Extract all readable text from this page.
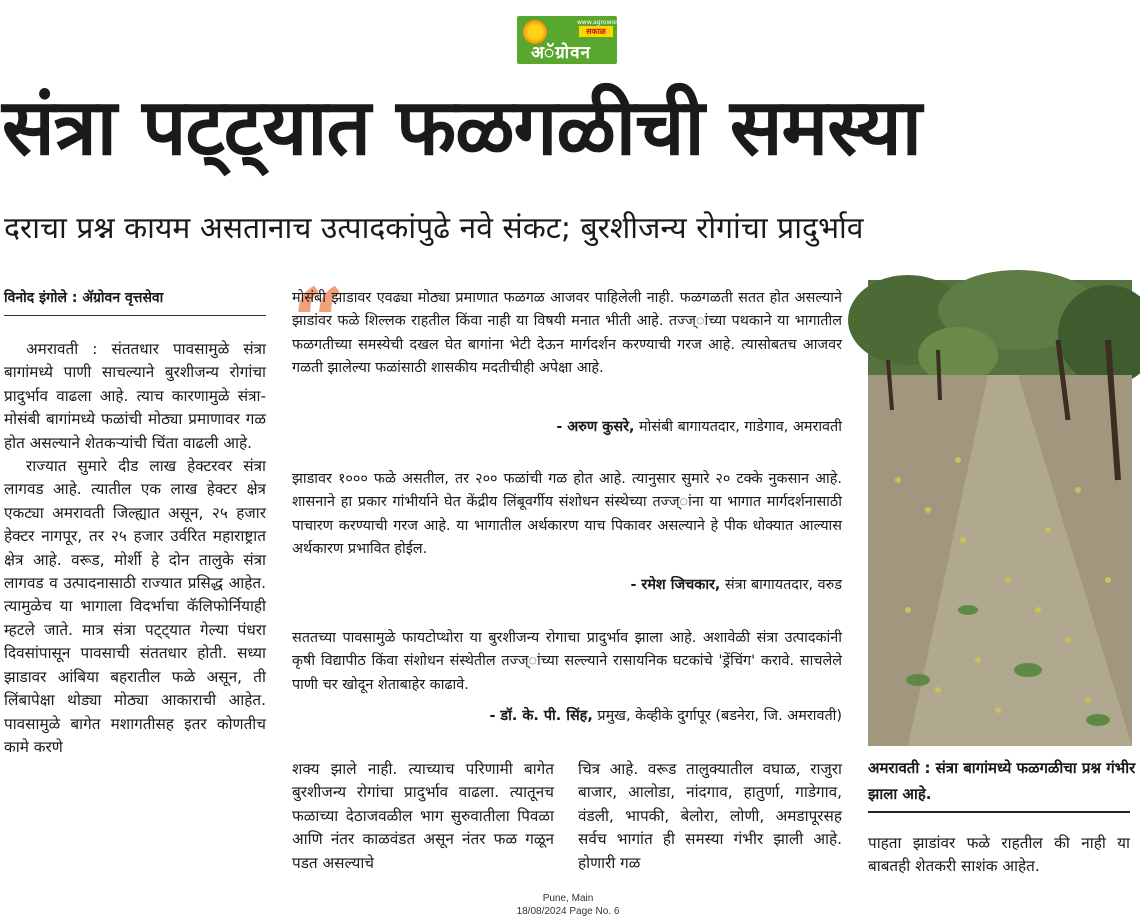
www.agrowon.com
सकाळ
अॅग्रोवन
संत्रा पट्ट्यात फळगळीची समस्या
दराचा प्रश्न कायम असतानाच उत्पादकांपुढे नवे संकट; बुरशीजन्य रोगांचा प्रादुर्भाव
विनोद इंगोले : ॲग्रोवन वृत्तसेवा

अमरावती : संततधार पावसामुळे संत्रा बागांमध्ये पाणी साचल्याने बुरशीजन्य रोगांचा प्रादुर्भाव वाढला आहे. त्याच कारणामुळे संत्रा-मोसंबी बागांमध्ये फळांची मोठ्या प्रमाणावर गळ होत असल्याने शेतकऱ्यांची चिंता वाढली आहे.

राज्यात सुमारे दीड लाख हेक्टरवर संत्रा लागवड आहे. त्यातील एक लाख हेक्टर क्षेत्र एकट्या अमरावती जिल्ह्यात असून, २५ हजार हेक्टर नागपूर, तर २५ हजार उर्वरित महाराष्ट्रात क्षेत्र आहे. वरूड, मोर्शी हे दोन तालुके संत्रा लागवड व उत्पादनासाठी राज्यात प्रसिद्ध आहेत. त्यामुळेच या भागाला विदर्भाचा कॅलिफोर्नियाही म्हटले जाते. मात्र संत्रा पट्ट्यात गेल्या पंधरा दिवसांपासून पावसाची संततधार होती. सध्या झाडावर आंबिया बहरातील फळे असून, ती लिंबापेक्षा थोड्या मोठ्या आकाराची आहेत. पावसामुळे बागेत मशागतीसह इतर कोणतीच कामे करणे

“
मोसंबी झाडावर एवढ्या मोठ्या प्रमाणात फळगळ आजवर पाहिलेली नाही. फळगळती सतत होत असल्याने झाडांवर फळे शिल्लक राहतील किंवा नाही या विषयी मनात भीती आहे. तज्ज्ांच्या पथकाने या भागातील फळगतीच्या समस्येची दखल घेत बागांना भेटी देऊन मार्गदर्शन करण्याची गरज आहे. त्यासोबतच आजवर गळती झालेल्या फळांसाठी शासकीय मदतीचीही अपेक्षा आहे.
- अरुण कुसरे, मोसंबी बागायतदार, गाडेगाव, अमरावती
झाडावर १००० फळे असतील, तर २०० फळांची गळ होत आहे. त्यानुसार सुमारे २० टक्के नुकसान आहे. शासनाने हा प्रकार गांभीर्याने घेत केंद्रीय लिंबूवर्गीय संशोधन संस्थेच्या तज्ज्ांना या भागात मार्गदर्शनासाठी पाचारण करण्याची गरज आहे. या भागातील अर्थकारण याच पिकावर असल्याने हे पीक धोक्यात आल्यास अर्थकारण प्रभावित होईल.
- रमेश जिचकार, संत्रा बागायतदार, वरुड
सततच्या पावसामुळे फायटोप्थोरा या बुरशीजन्य रोगाचा प्रादुर्भाव झाला आहे. अशावेळी संत्रा उत्पादकांनी कृषी विद्यापीठ किंवा संशोधन संस्थेतील तज्ज्ांच्या सल्ल्याने रासायनिक घटकांचे 'ड्रेंचिंग' करावे. साचलेले पाणी चर खोदून शेताबाहेर काढावे.
- डॉ. के. पी. सिंह, प्रमुख, केव्हीके दुर्गापूर (बडनेरा, जि. अमरावती)
शक्य झाले नाही. त्याच्याच परिणामी बागेत बुरशीजन्य रोगांचा प्रादुर्भाव वाढला. त्यातूनच फळाच्या देठाजवळील भाग सुरुवातीला पिवळा आणि नंतर काळवंडत असून नंतर फळ गळून पडत असल्याचे
चित्र आहे. वरूड तालुक्यातील वघाळ, राजुरा बाजार, आलोडा, नांदगाव, हातुर्णा, गाडेगाव, वंडली, भापकी, बेलोरा, लोणी, अमडापूरसह सर्वच भागांत ही समस्या गंभीर झाली आहे. होणारी गळ
अमरावती : संत्रा बागांमध्ये फळगळीचा प्रश्न गंभीर झाला आहे.
पाहता झाडांवर फळे राहतील की नाही या बाबतही शेतकरी साशंक आहेत.
Pune, Main
18/08/2024 Page No. 6
